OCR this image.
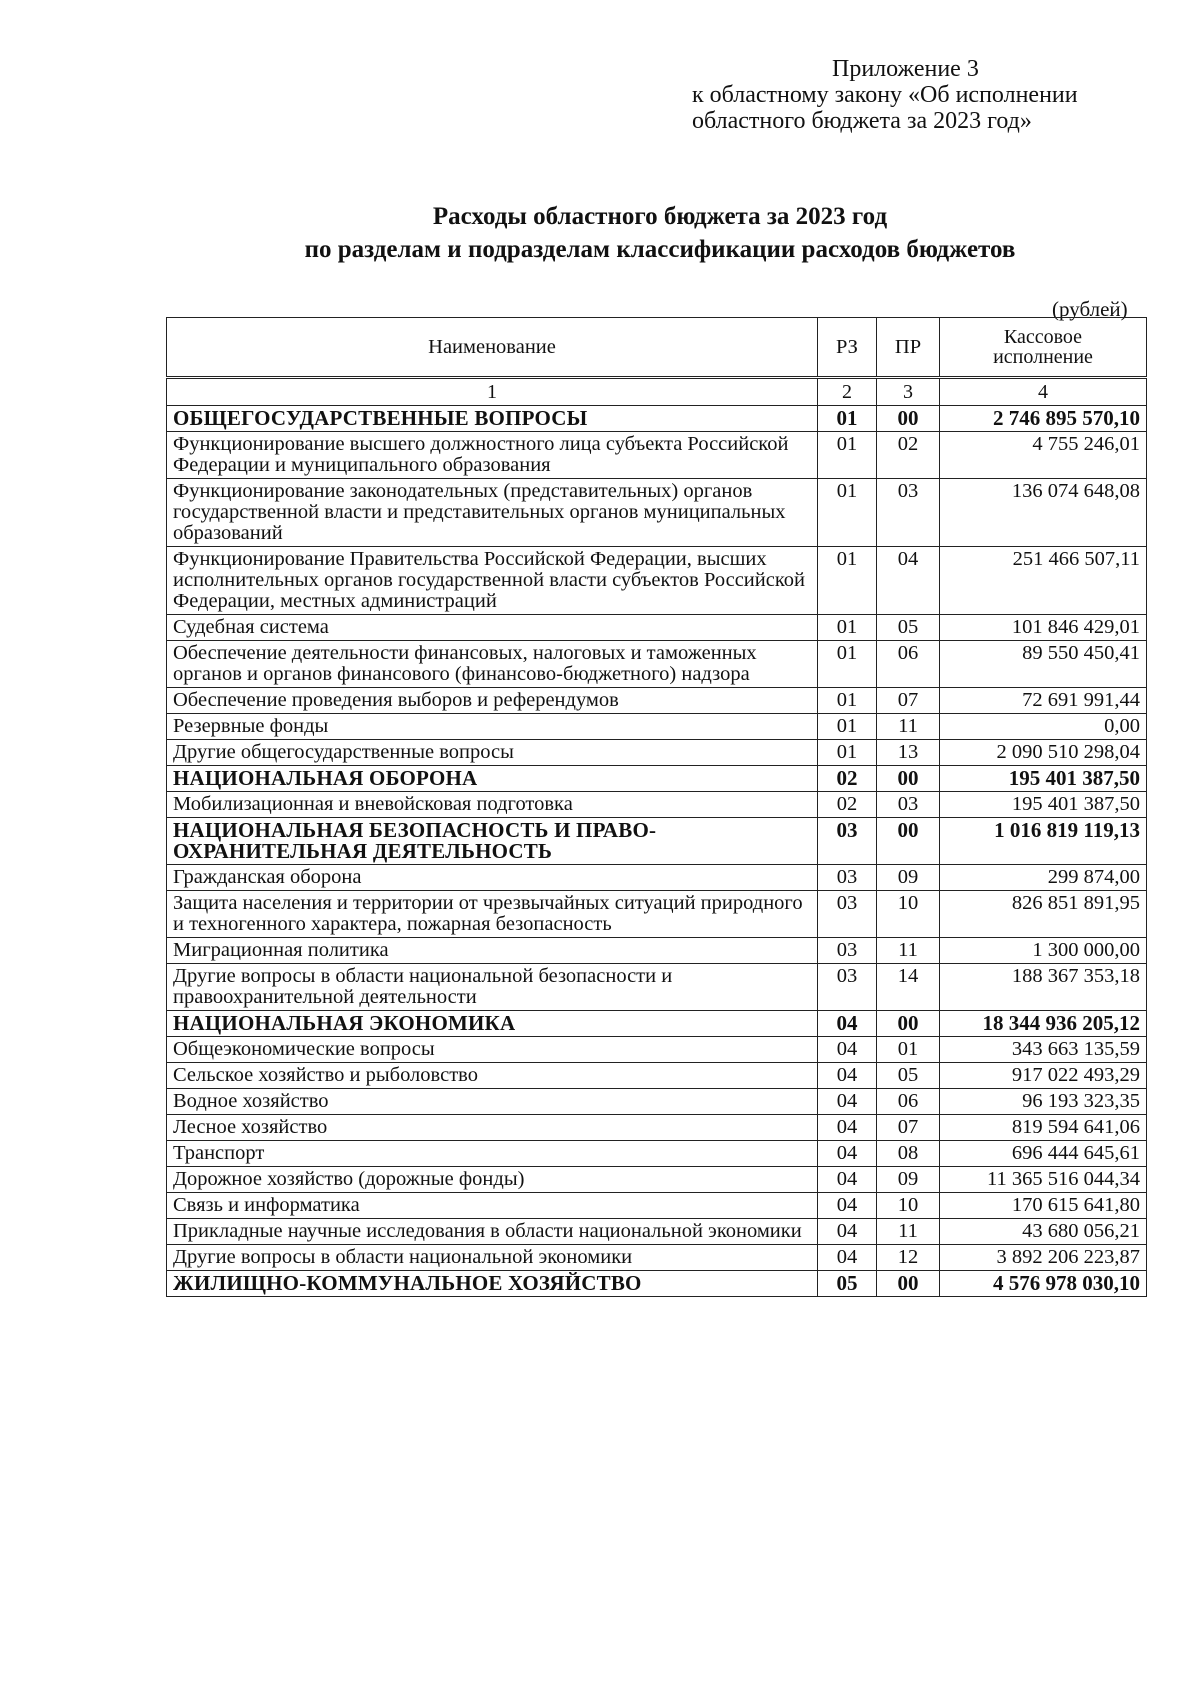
Приложение 3
к областному закону «Об исполнении
областного бюджета за 2023 год»
Расходы областного бюджета за 2023 год
по разделам и подразделам классификации расходов бюджетов
(рублей)
Наименование	РЗ	ПР	Кассовое
исполнение

1	2	3	4
ОБЩЕГОСУДАРСТВЕННЫЕ ВОПРОСЫ	01	00	2 746 895 570,10
Функционирование высшего должностного лица субъекта Российской Федерации и муниципального образования	01	02	4 755 246,01
Функционирование законодательных (представительных) органов государственной власти и представительных органов муниципальных образований	01	03	136 074 648,08
Функционирование Правительства Российской Федерации, высших исполнительных органов государственной власти субъектов Российской Федерации, местных администраций	01	04	251 466 507,11
Судебная система	01	05	101 846 429,01
Обеспечение деятельности финансовых, налоговых и таможенных органов и органов финансового (финансово-бюджетного) надзора	01	06	89 550 450,41
Обеспечение проведения выборов и референдумов	01	07	72 691 991,44
Резервные фонды	01	11	0,00
Другие общегосударственные вопросы	01	13	2 090 510 298,04
НАЦИОНАЛЬНАЯ ОБОРОНА	02	00	195 401 387,50
Мобилизационная и вневойсковая подготовка	02	03	195 401 387,50
НАЦИОНАЛЬНАЯ БЕЗОПАСНОСТЬ И ПРАВО-ОХРАНИТЕЛЬНАЯ ДЕЯТЕЛЬНОСТЬ	03	00	1 016 819 119,13
Гражданская оборона	03	09	299 874,00
Защита населения и территории от чрезвычайных ситуаций природного и техногенного характера, пожарная безопасность	03	10	826 851 891,95
Миграционная политика	03	11	1 300 000,00
Другие вопросы в области национальной безопасности и правоохранительной деятельности	03	14	188 367 353,18
НАЦИОНАЛЬНАЯ ЭКОНОМИКА	04	00	18 344 936 205,12
Общеэкономические вопросы	04	01	343 663 135,59
Сельское хозяйство и рыболовство	04	05	917 022 493,29
Водное хозяйство	04	06	96 193 323,35
Лесное хозяйство	04	07	819 594 641,06
Транспорт	04	08	696 444 645,61
Дорожное хозяйство (дорожные фонды)	04	09	11 365 516 044,34
Связь и информатика	04	10	170 615 641,80
Прикладные научные исследования в области национальной экономики	04	11	43 680 056,21
Другие вопросы в области национальной экономики	04	12	3 892 206 223,87
ЖИЛИЩНО-КОММУНАЛЬНОЕ ХОЗЯЙСТВО	05	00	4 576 978 030,10
